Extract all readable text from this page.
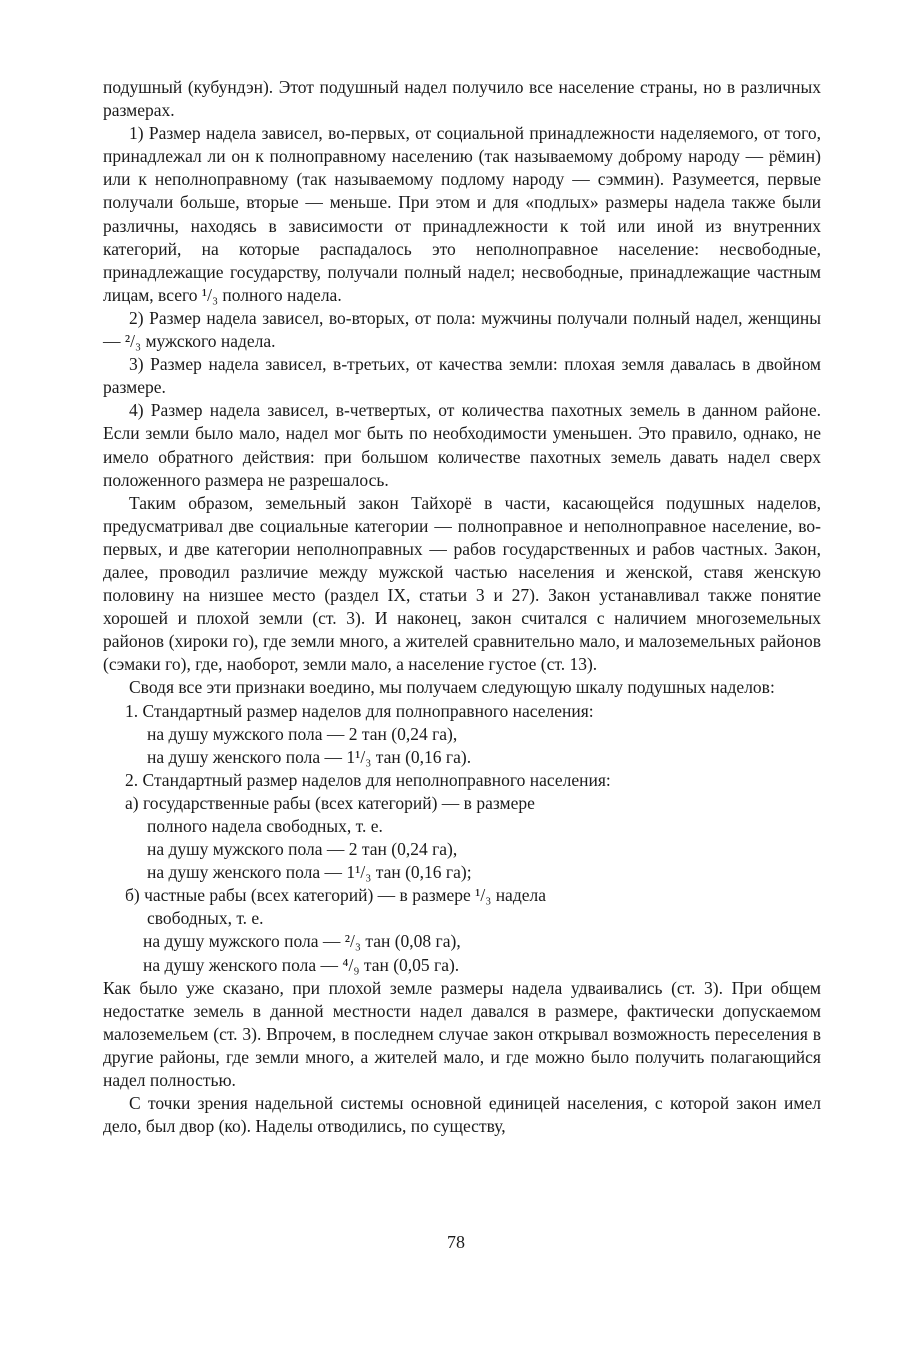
подушный (кубундэн). Этот подушный надел получило все население страны, но в различных размерах.

1) Размер надела зависел, во-первых, от социальной принадлежности наделяемого, от того, принадлежал ли он к полноправному населению (так называемому доброму народу — рёмин) или к неполноправному (так называемому подлому народу — сэммин). Разумеется, первые получали больше, вторые — меньше. При этом и для «подлых» размеры надела также были различны, находясь в зависимости от принадлежности к той или иной из внутренних категорий, на которые распадалось это неполноправное население: несвободные, принадлежащие государству, получали полный надел; несвободные, принадлежащие частным лицам, всего ¹/₃ полного надела.

2) Размер надела зависел, во-вторых, от пола: мужчины получали полный надел, женщины — ²/₃ мужского надела.

3) Размер надела зависел, в-третьих, от качества земли: плохая земля давалась в двойном размере.

4) Размер надела зависел, в-четвертых, от количества пахотных земель в данном районе. Если земли было мало, надел мог быть по необходимости уменьшен. Это правило, однако, не имело обратного действия: при большом количестве пахотных земель давать надел сверх положенного размера не разрешалось.

Таким образом, земельный закон Тайхорё в части, касающейся подушных наделов, предусматривал две социальные категории — полноправное и неполноправное население, во-первых, и две категории неполноправных — рабов государственных и рабов частных. Закон, далее, проводил различие между мужской частью населения и женской, ставя женскую половину на низшее место (раздел IX, статьи 3 и 27). Закон устанавливал также понятие хорошей и плохой земли (ст. 3). И наконец, закон считался с наличием многоземельных районов (хироки го), где земли много, а жителей сравнительно мало, и малоземельных районов (сэмаки го), где, наоборот, земли мало, а население густое (ст. 13).

Сводя все эти признаки воедино, мы получаем следующую шкалу подушных наделов:

1. Стандартный размер наделов для полноправного населения:

на душу мужского пола — 2 тан (0,24 га),

на душу женского пола — 1¹/₃ тан (0,16 га).

2. Стандартный размер наделов для неполноправного населения:

а) государственные рабы (всех категорий) — в размере

полного надела свободных, т. е.

на душу мужского пола — 2 тан (0,24 га),

на душу женского пола — 1¹/₃ тан (0,16 га);

б) частные рабы (всех категорий) — в размере ¹/₃ надела

свободных, т. е.

на душу мужского пола — ²/₃ тан (0,08 га),

на душу женского пола — ⁴/₉ тан (0,05 га).

Как было уже сказано, при плохой земле размеры надела удваивались (ст. 3). При общем недостатке земель в данной местности надел давался в размере, фактически допускаемом малоземельем (ст. 3). Впрочем, в последнем случае закон открывал возможность переселения в другие районы, где земли много, а жителей мало, и где можно было получить полагающийся надел полностью.

С точки зрения надельной системы основной единицей населения, с которой закон имел дело, был двор (ко). Наделы отводились, по существу,

78
